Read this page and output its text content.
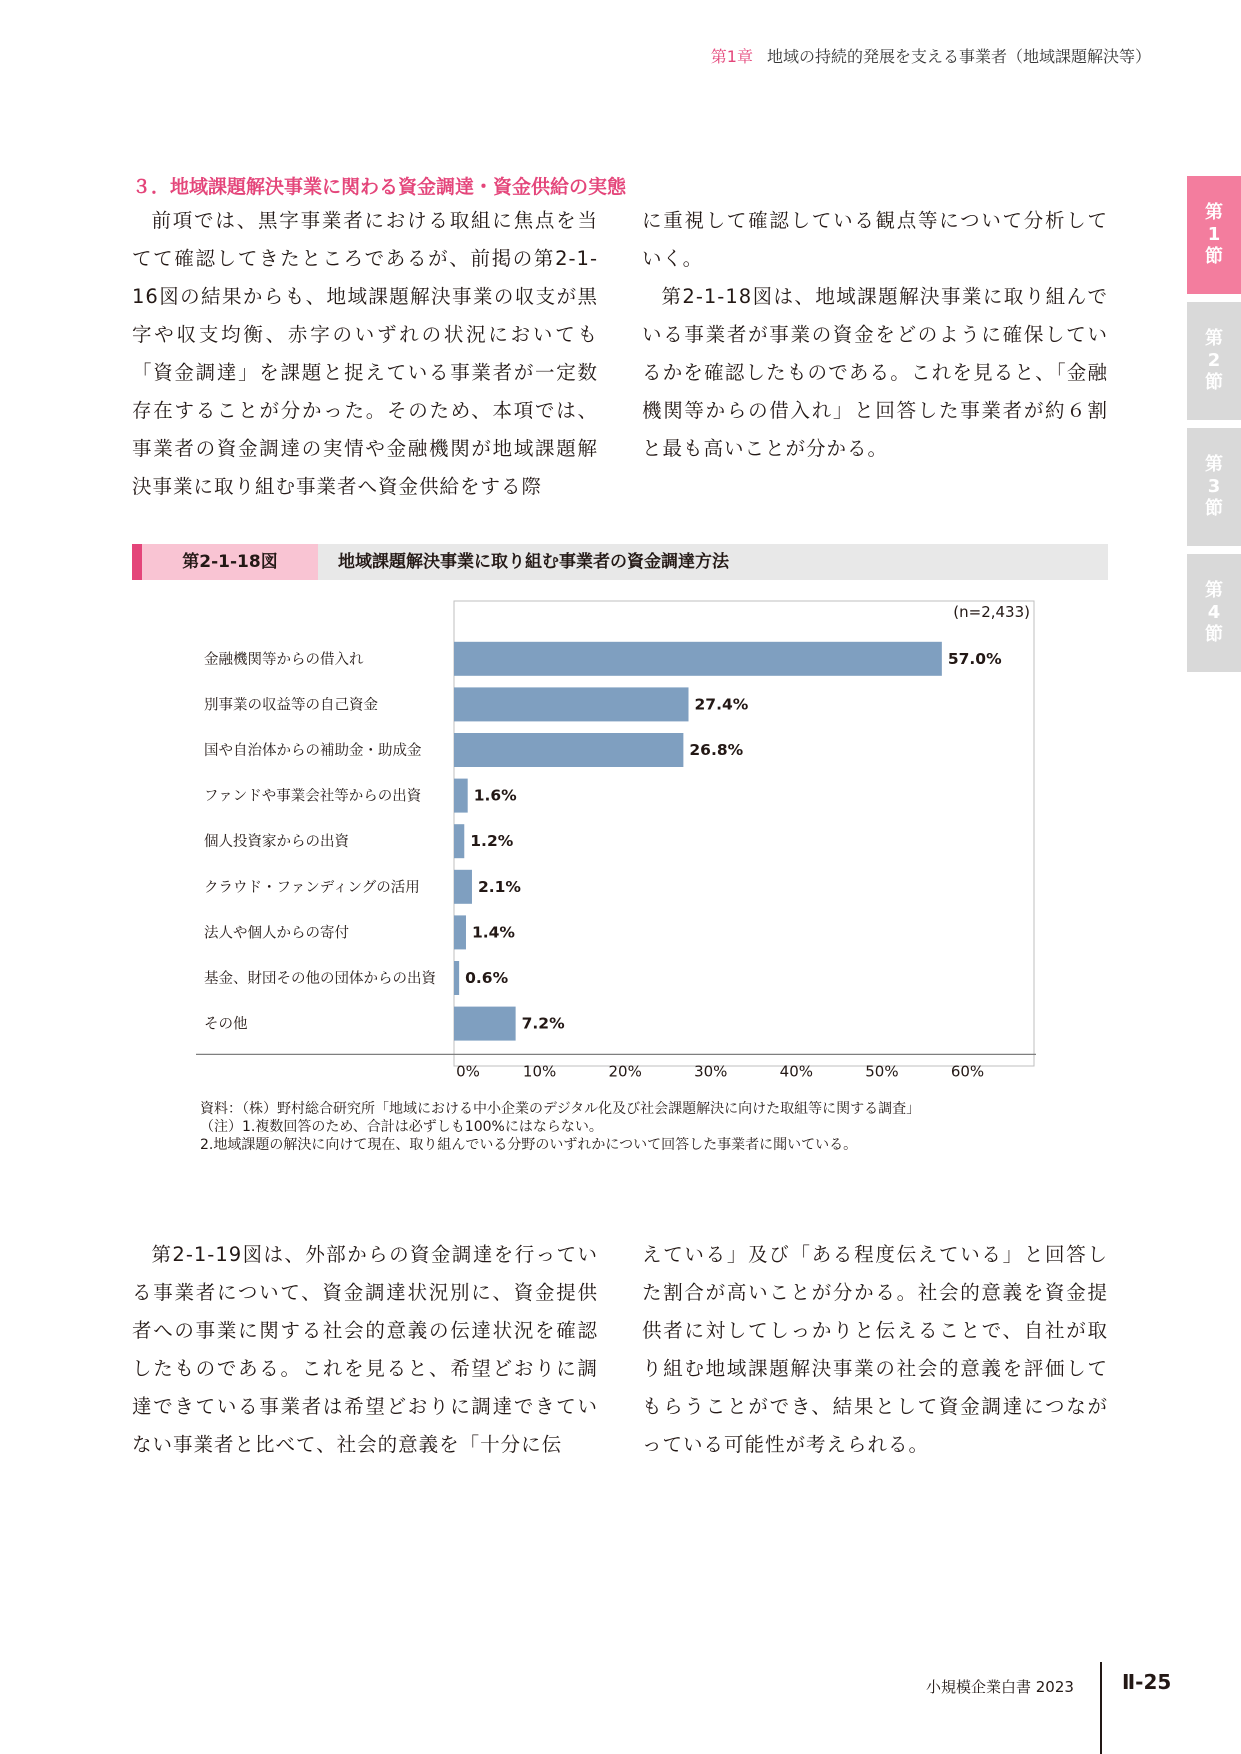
第1章 地域の持続的発展を支える事業者（地域課題解決等）
第1節
第2節
第3節
第4節
３．地域課題解決事業に関わる資金調達・資金供給の実態

前項では、黒字事業者における取組に焦点を当てて確認してきたところであるが、前掲の第2-1-16図の結果からも、地域課題解決事業の収支が黒字や収支均衡、赤字のいずれの状況においても「資金調達」を課題と捉えている事業者が一定数存在することが分かった。そのため、本項では、事業者の資金調達の実情や金融機関が地域課題解決事業に取り組む事業者へ資金供給をする際

に重視して確認している観点等について分析していく。

第2-1-18図は、地域課題解決事業に取り組んでいる事業者が事業の資金をどのように確保しているかを確認したものである。これを見ると、「金融機関等からの借入れ」と回答した事業者が約６割と最も高いことが分かる。

第2-1-18図	地域課題解決事業に取り組む事業者の資金調達方法
(n=2,433)
金融機関等からの借入れ	57.0%
別事業の収益等の自己資金	27.4%
国や自治体からの補助金・助成金	26.8%
ファンドや事業会社等からの出資	1.6%
個人投資家からの出資	1.2%
クラウド・ファンディングの活用	2.1%
法人や個人からの寄付	1.4%
基金、財団その他の団体からの出資 0.6%
その他	7.2%
0%	10%	20%	30%	40%	50%	60%
資料：（株）野村総合研究所「地域における中小企業のデジタル化及び社会課題解決に向けた取組等に関する調査」
（注）1.複数回答のため、合計は必ずしも100%にはならない。
2.地域課題の解決に向けて現在、取り組んでいる分野のいずれかについて回答した事業者に聞いている。

第2-1-19図は、外部からの資金調達を行っている事業者について、資金調達状況別に、資金提供者への事業に関する社会的意義の伝達状況を確認したものである。これを見ると、希望どおりに調達できている事業者は希望どおりに調達できていない事業者と比べて、社会的意義を「十分に伝

えている」及び「ある程度伝えている」と回答した割合が高いことが分かる。社会的意義を資金提供者に対してしっかりと伝えることで、自社が取り組む地域課題解決事業の社会的意義を評価してもらうことができ、結果として資金調達につながっている可能性が考えられる。

小規模企業白書 2023 Ⅱ-25
